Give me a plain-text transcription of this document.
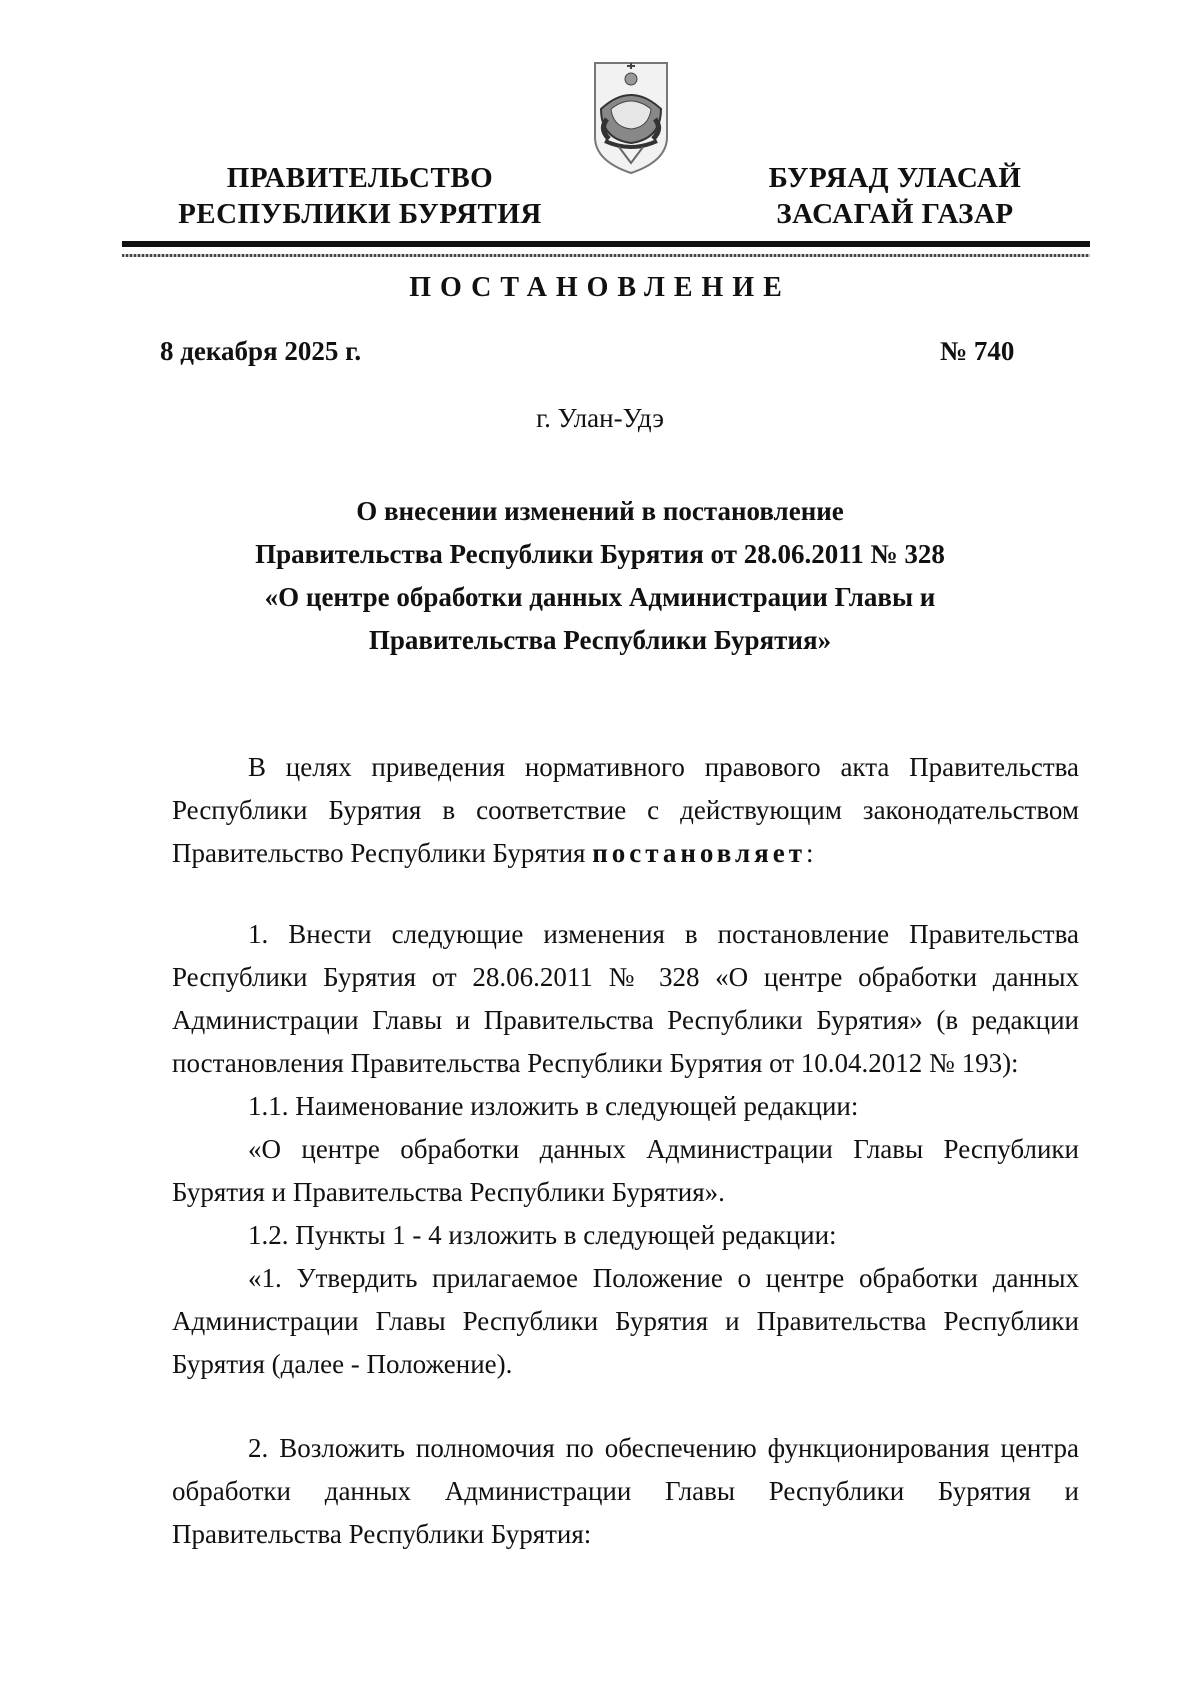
ПРАВИТЕЛЬСТВО
РЕСПУБЛИКИ БУРЯТИЯ
БУРЯАД УЛАСАЙ
ЗАСАГАЙ ГАЗАР
ПОСТАНОВЛЕНИЕ
8 декабря 2025 г.	№ 740
г. Улан-Удэ
О внесении изменений в постановление
Правительства Республики Бурятия от 28.06.2011 № 328
«О центре обработки данных Администрации Главы и
Правительства Республики Бурятия»

В целях приведения нормативного правового акта Правительства Республики Бурятия в соответствие с действующим законодательством Правительство Республики Бурятия постановляет:

1. Внести следующие изменения в постановление Правительства Республики Бурятия от 28.06.2011 № 328 «О центре обработки данных Администрации Главы и Правительства Республики Бурятия» (в редакции постановления Правительства Республики Бурятия от 10.04.2012 № 193):

1.1. Наименование изложить в следующей редакции:

«О центре обработки данных Администрации Главы Республики Бурятия и Правительства Республики Бурятия».

1.2. Пункты 1 - 4 изложить в следующей редакции:

«1. Утвердить прилагаемое Положение о центре обработки данных Администрации Главы Республики Бурятия и Правительства Республики Бурятия (далее - Положение).

2. Возложить полномочия по обеспечению функционирования центра обработки данных Администрации Главы Республики Бурятия и Правительства Республики Бурятия:
